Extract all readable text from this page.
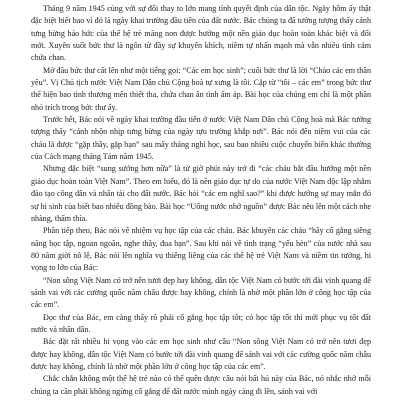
Tháng 9 năm 1945 cùng với sự đổi thay to lớn mang tính quyết định của dân tộc. Ngày hôm ấy thật đặc biệt biết bao vì đó là ngày khai trường đầu tiên của đất nước. Bác chúng ta đã tưởng tượng thấy cảnh tưng bừng háo hức của thế hệ trẻ măng non được hưởng một nền giáo dục hoàn toàn khác biệt và đổi mới. Xuyên suốt bức thư là ngôn từ đầy sự khuyến khích, niềm tự nhấn mạnh mà vẫn nhiều tình cảm chứa chan.

Mở đầu bức thư cất lên như một tiếng gọi: “Các em học sinh”; cuối bức thư là lời “Chào các em thân yêu”. Vị Chủ tịch nước Việt Nam Dân chủ Cộng hoà tự xưng là tôi. Cặp từ “tôi – các em” trong bức thư thể hiện bao tình thương mến thiết tha, chứa chan ân tình ấm áp. Bài học của chúng em chỉ là một phần nhỏ trích trong bức thư ấy.

Trước hết, Bác nói về ngày khai trường đầu tiên ở nước Việt Nam Dân chủ Cộng hoà mà Bác tưởng tượng thấy “cảnh nhộn nhịp tưng bừng của ngày tựu trường khắp nơi”. Bác nói đến niềm vui của các cháu là được “gặp thầy, gặp bạn” sau mấy tháng nghỉ học, sau bao nhiêu cuộc chuyển biến khác thường của Cách mạng tháng Tám năm 1945.

Nhưng đặc biệt “sung sướng hơn nữa” là từ giờ phút này trở đi “các cháu bắt đầu hưởng một nền giáo dục hoàn toàn Việt Nam”. Theo em hiểu, đó là nền giáo dục tự do của nước Việt Nam độc lập nhằm đào tạo công dân và nhân tài cho đất nước. Bác hỏi “các em nghĩ sao?” khi được hưởng sự may mắn đó sự hi sinh của biết bao nhiêu đồng bào. Bài học “Uống nước nhớ nguồn” được Bác nêu lên một cách nhẹ nhàng, thấm thía.

Phần tiếp theo, Bác nói về nhiệm vụ học tập của các cháu. Bác khuyên các cháu “hãy cố gắng siêng năng học tập, ngoan ngoãn, nghe thầy, đua bạn”. Sau khi nói về tình trạng “yếu hèn” của nước nhà sau 80 năm giời nô lệ, Bác nói lên nghĩa vụ thiêng liêng của các thế hệ trẻ Việt Nam và niềm tin tưởng, hi vọng to lớn của Bác:

“Non sông Việt Nam có trở nên tươi đẹp hay không, dân tộc Việt Nam có bước tới đài vinh quang để sánh vai với các cường quốc năm châu được hay không, chính là nhờ một phần lớn ở công học tập của các em”.

Đọc thư của Bác, em càng thấy rõ phải cố gắng học tập tốt; có học tập tốt thì mới phục vụ tốt đất nước và nhân dân.

Bác đặt rất nhiều hi vọng vào các em học sinh như câu “Non sông Việt Nam có trở nên tươi đẹp được hay không, dân tộc Việt Nam có bước tới đài vinh quang để sánh vai với các cường quốc năm châu được hay không, chính là nhờ một phần lớn ở công học tập của các em”.

Chắc chắn không một thế hệ trẻ nào có thể quên được câu nói bất hủ này của Bác, nó nhắc nhở mỗi chúng ta cần phải không ngừng cố gắng để đất nước mình ngày càng đi lên, sánh vai với
